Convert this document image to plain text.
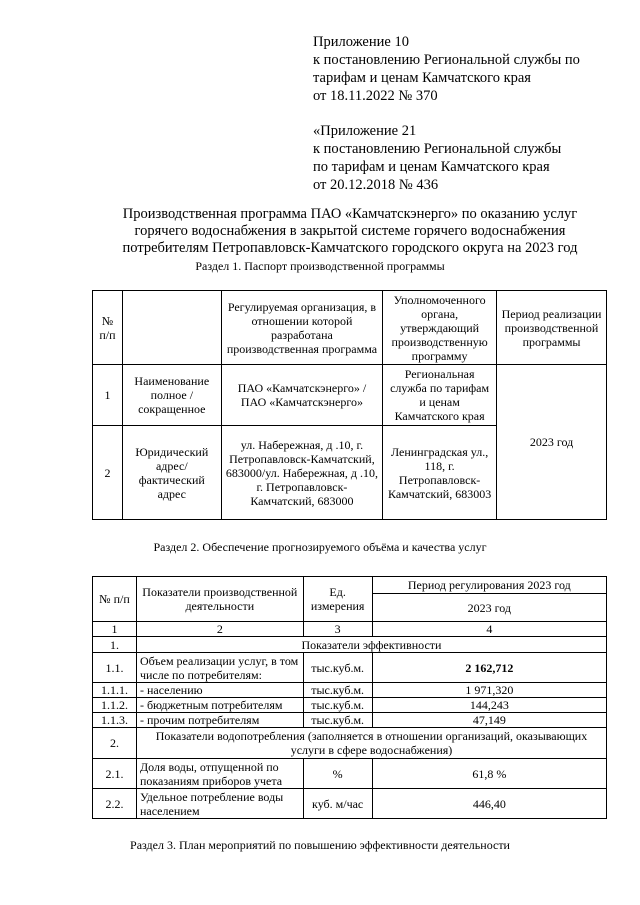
Приложение 10
к постановлению Региональной службы по
тарифам и ценам Камчатского края
от 18.11.2022 № 370
«Приложение 21
к постановлению Региональной службы
по тарифам и ценам Камчатского края
от 20.12.2018 № 436
Производственная программа ПАО «Камчатскэнерго» по оказанию услуг
горячего водоснабжения в закрытой системе горячего водоснабжения
потребителям Петропавловск-Камчатского городского округа на 2023 год
Раздел 1. Паспорт производственной программы
№ п/п		Регулируемая организация, в отношении которой разработана производственная программа	Уполномоченного органа, утверждающий производственную программу	Период реализации производственной программы
1	Наименование полное / сокращенное	ПАО «Камчатскэнерго» / ПАО «Камчатскэнерго»	Региональная служба по тарифам и ценам Камчатского края	2023 год
2	Юридический адрес/фактический адрес	ул. Набережная, д .10, г. Петропавловск-Камчатский, 683000/ул. Набережная, д .10, г. Петропавловск-Камчатский, 683000	Ленинградская ул., 118, г. Петропавловск-Камчатский, 683003	
Раздел 2. Обеспечение прогнозируемого объёма и качества услуг
№ п/п	Показатели производственной деятельности	Ед. измерения	Период регулирования 2023 год
			2023 год
1	2	3	4
1.	Показатели эффективности		
1.1.	Объем реализации услуг, в том числе по потребителям:	тыс.куб.м.	2 162,712
1.1.1.	- населению	тыс.куб.м.	1 971,320
1.1.2.	- бюджетным потребителям	тыс.куб.м.	144,243
1.1.3.	- прочим потребителям	тыс.куб.м.	47,149
2.	Показатели водопотребления (заполняется в отношении организаций, оказывающих услуги в сфере водоснабжения)		
2.1.	Доля воды, отпущенной по показаниям приборов учета	%	61,8 %
2.2.	Удельное потребление воды населением	куб. м/час	446,40
Раздел 3. План мероприятий по повышению эффективности деятельности
